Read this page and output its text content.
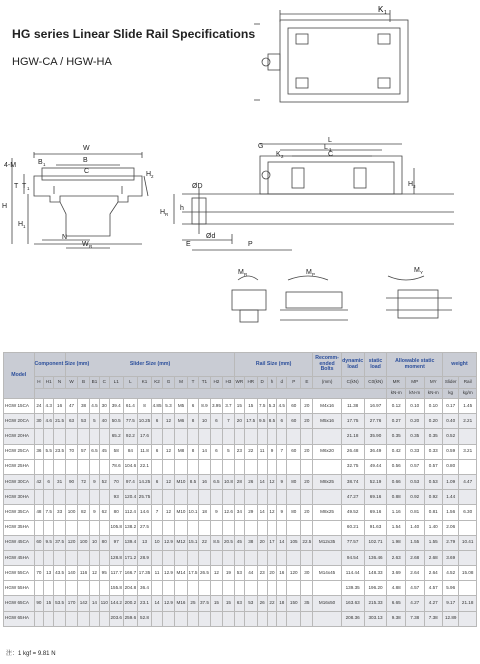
HG series Linear Slide Rail Specifications
HGW-CA / HGW-HA
K 1
4-M	B 1
W
B
C
T T 1
H 2
H
H 1
N
W R
G
K 2
L
L 1
C
H 3
ØD
H R
h
Ød
E	P
M R	M P
M Y
Model	Component Size (mm)			Slider Size (mm)														Rail Size (mm)							Recomm-ended Bolts	dynamic load	static load	Allowable static moment			weight	
	H	H1	N	W	B	B1	C	L1	L	K1	K2	G	M	T	T1	H2	H3	WR	HR	D	h	d	P	E	(mm)	C(kN)	C0(kN)	MR	MP	MY	Slider	Rail
																												kN-m	kN-m	kN-m	kg	kg/m
HGW 15CA	24	4.3	16	47	38	4.5	30	39.4	61.4	8	4.85	5.3	M5	6	8.9	3.95	3.7	15	15	7.5	5.3	4.5	60	20	M4x16	11.38	16.97	0.12	0.10	0.10	0.17	1.45
HGW 20CA	30	4.6	21.5	63	53	5	40	50.5	77.5	10.25	6	12	M6	8	10	6	7	20	17.5	9.5	8.5	6	60	20	M5x16	17.75	27.76	0.27	0.20	0.20	0.40	2.21
HGW 20HA								65.2	92.2	17.6																21.18	35.90	0.35	0.35	0.35	0.52	
HGW 25CA	36	5.5	23.5	70	57	6.5	45	58	84	11.8	6	12	M8	8	14	6	5	23	22	11	9	7	60	20	M6x20	26.48	36.49	0.42	0.33	0.33	0.59	3.21
HGW 25HA								78.6	104.6	22.1																32.75	49.44	0.56	0.57	0.57	0.80	
HGW 30CA	42	6	31	90	72	9	52	70	97.4	14.25	6	12	M10	8.5	16	6.5	10.8	28	26	14	12	9	80	20	M8x25	38.74	52.19	0.66	0.53	0.53	1.09	4.47
HGW 30HA								93	120.4	25.75																47.27	69.16	0.88	0.92	0.92	1.44	
HGW 35CA	48	7.5	33	100	82	9	62	80	112.4	14.6	7	12	M10	10.1	18	9	12.6	34	29	14	12	9	80	20	M8x25	49.52	69.16	1.16	0.81	0.81	1.56	6.30
HGW 35HA								105.8	138.2	27.5																60.21	91.63	1.54	1.40	1.40	2.06	
HGW 45CA	60	9.5	37.5	120	100	10	80	97	139.4	13	10	12.9	M12	15.1	22	8.5	20.5	45	38	20	17	14	105	22.5	M12x35	77.57	102.71	1.98	1.55	1.55	2.79	10.41
HGW 45HA								128.8	171.2	28.9																94.54	136.46	2.63	2.68	2.68	3.69	
HGW 55CA	70	13	43.5	140	116	12	95	117.7	166.7	17.35	11	12.9	M14	17.5	26.5	12	19	53	44	23	20	16	120	30	M14x45	114.44	148.33	3.69	2.64	2.64	4.52	15.08
HGW 55HA								155.8	204.8	36.4																139.35	196.20	4.88	4.57	4.57	5.96	
HGW 65CA	90	15	53.5	170	142	14	110	144.2	200.2	23.1	14	12.9	M16	25	37.5	15	15	63	53	26	22	18	150	35	M16x50	163.63	215.33	6.65	4.27	4.27	9.17	21.18
HGW 65HA								203.6	259.6	52.8																208.36	303.13	9.38	7.38	7.38	12.89	
注：1 kgf = 9.81 N
